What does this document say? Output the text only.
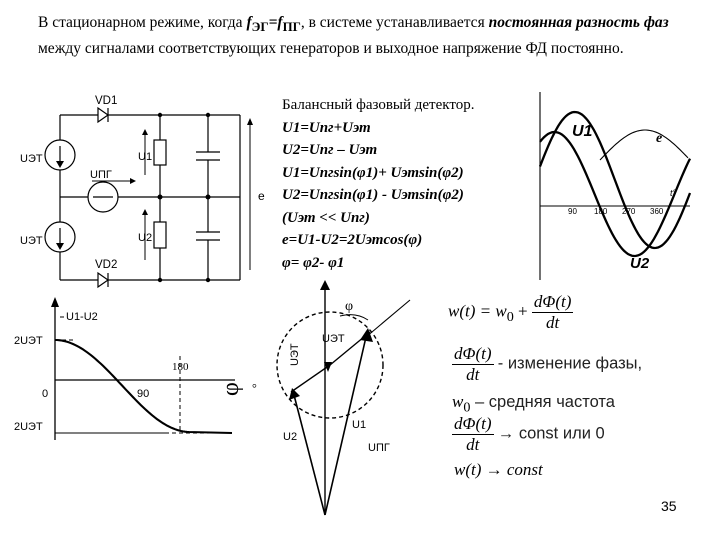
В стационарном режиме, когда $f_{ЭГ}=f_{ПГ}$, в системе устанавливается постоянная разность фаз между сигналами соответствующих генераторов и выходное напряжение ФД постоянно.
Балансный фазовый детектор.
U1=Uпг+Uэт
U2=Uпг – Uэт
U1=Uпгsin(φ1)+ Uэтsin(φ2)
U2=Uпгsin(φ1) - Uэтsin(φ2)
(Uэт << Uпг)
e=U1-U2=2Uэтcos(φ)
φ= φ2- φ1
VD1
VD2
UЭТ
UЭТ
UПГ
U1
U2
e
90 180 270 360
t°
U1
U2
e
U1-U2
2UЭТ
2UЭТ
0	90
180
φ °
φ
UЭТ
UЭТ
U1
U2
UПГ
$w(t) = w_0 + \frac{d\Phi(t)}{dt}$
$\frac{d\Phi(t)}{dt}$ - изменение фазы,
$w_0$ – средняя частота
$\frac{d\Phi(t)}{dt}$ → const или 0
w(t) → const
35
